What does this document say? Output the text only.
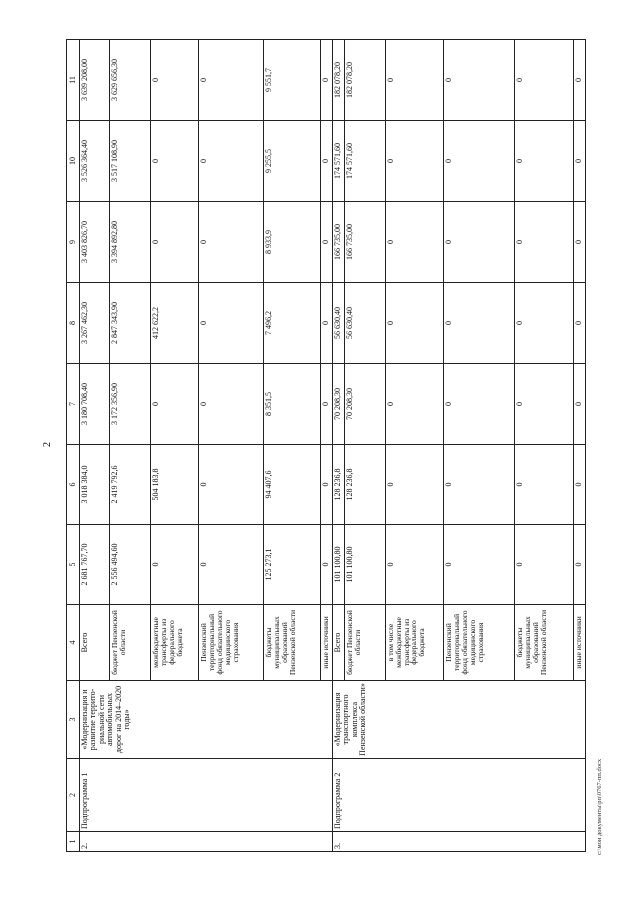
2
1	2	3	4	5	6	7	8	9	10	11
2.	Подпрограмма 1	«Модернизация и развитие террито-риальной сети автомобильных дорог на 2014–2020 годы»	Всего	2 681 767,70	3 018 384,0	3 180 708,40	3 267 462,30	3 403 826,70	3 526 364,40	3 639 208,00
			бюджет Пензенской области	2 556 494,60	2 419 792,6	3 172 356,90	2 847 343,90	3 394 892,80	3 517 108,90	3 629 656,30
			межбюджетные трансферты из федерального бюджета	0	504 183,8	0	412 622,2	0	0	0
			Пензенский территориальный фонд обязательного медицинского страхования	0	0	0	0	0	0	0
			бюджеты муниципальных образований Пензенской области	125 273,1	94 407,6	8 351,5	7 496,2	8 933,9	9 255,5	9 551,7
			иные источники	0	0	0	0	0	0	0
3.	Подпрограмма 2	«Модернизация транспортного комплекса Пензенской области»	Всего	101 100,80	128 236,8	70 208,30	56 630,40	166 735,00	174 571,60	182 078,20
			бюджет Пензенской области	101 100,80	128 236,8	70 208,30	56 630,40	166 735,00	174 571,60	182 078,20
			в том числе межбюджетные трансферты из федерального бюджета	0	0	0	0	0	0	0
			Пензенский территориальный фонд обязательного медицинского страхования	0	0	0	0	0	0	0
			бюджеты муниципальных образований Пензенской области	0	0	0	0	0	0	0
			иные источники	0	0	0	0	0	0	0
c:\мои документы\рп\0767-пп.docx
